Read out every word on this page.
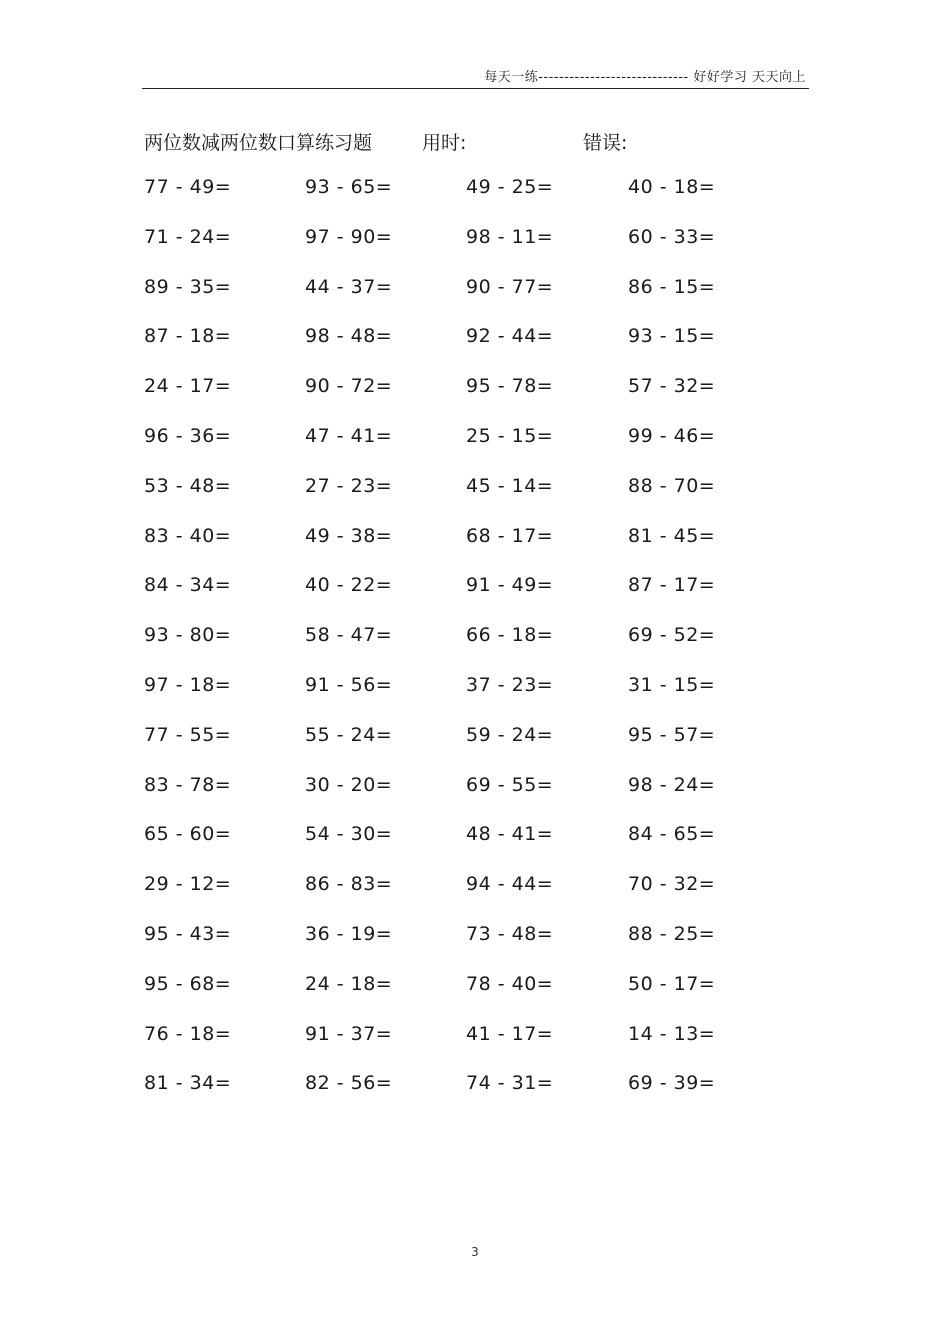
每天一练----------------------------- 好好学习 天天向上
两位数减两位数口算练习题	用时:	错误:
77 - 49=	93 - 65=	49 - 25=	40 - 18=
71 - 24=	97 - 90=	98 - 11=	60 - 33=
89 - 35=	44 - 37=	90 - 77=	86 - 15=
87 - 18=	98 - 48=	92 - 44=	93 - 15=
24 - 17=	90 - 72=	95 - 78=	57 - 32=
96 - 36=	47 - 41=	25 - 15=	99 - 46=
53 - 48=	27 - 23=	45 - 14=	88 - 70=
83 - 40=	49 - 38=	68 - 17=	81 - 45=
84 - 34=	40 - 22=	91 - 49=	87 - 17=
93 - 80=	58 - 47=	66 - 18=	69 - 52=
97 - 18=	91 - 56=	37 - 23=	31 - 15=
77 - 55=	55 - 24=	59 - 24=	95 - 57=
83 - 78=	30 - 20=	69 - 55=	98 - 24=
65 - 60=	54 - 30=	48 - 41=	84 - 65=
29 - 12=	86 - 83=	94 - 44=	70 - 32=
95 - 43=	36 - 19=	73 - 48=	88 - 25=
95 - 68=	24 - 18=	78 - 40=	50 - 17=
76 - 18=	91 - 37=	41 - 17=	14 - 13=
81 - 34=	82 - 56=	74 - 31=	69 - 39=
3
